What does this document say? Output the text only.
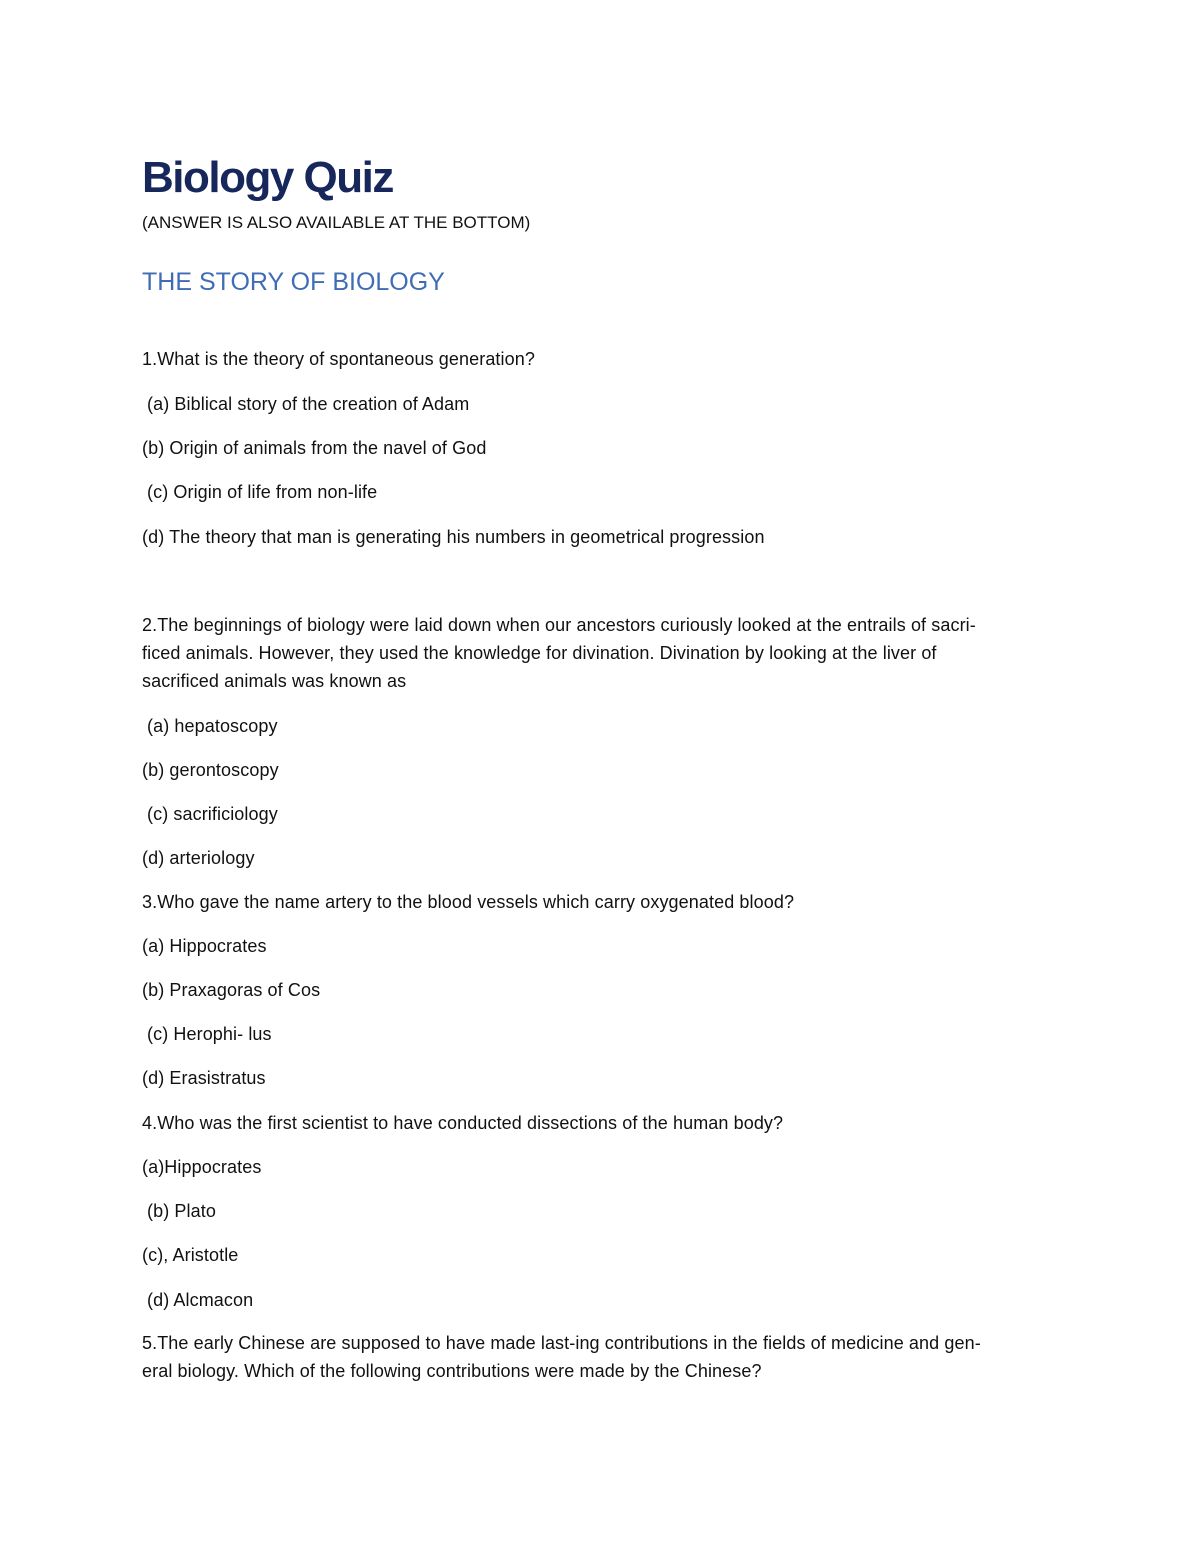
Biology Quiz
(ANSWER IS ALSO AVAILABLE AT THE BOTTOM)
THE STORY OF BIOLOGY
1.What is the theory of spontaneous generation?
(a) Biblical story of the creation of Adam
(b) Origin of animals from the navel of God
(c) Origin of life from non-life
(d) The theory that man is generating his numbers in geometrical progression
2.The beginnings of biology were laid down when our ancestors curiously looked at the entrails of sacri-
ficed animals. However, they used the knowledge for divination. Divination by looking at the liver of
sacrificed animals was known as
(a) hepatoscopy
(b) gerontoscopy
(c) sacrificiology
(d) arteriology
3.Who gave the name artery to the blood vessels which carry oxygenated blood?
(a) Hippocrates
(b) Praxagoras of Cos
(c) Herophi- lus
(d) Erasistratus
4.Who was the first scientist to have conducted dissections of the human body?
(a)Hippocrates
(b) Plato
(c), Aristotle
(d) Alcmacon
5.The early Chinese are supposed to have made last-ing contributions in the fields of medicine and gen-
eral biology. Which of the following contributions were made by the Chinese?
